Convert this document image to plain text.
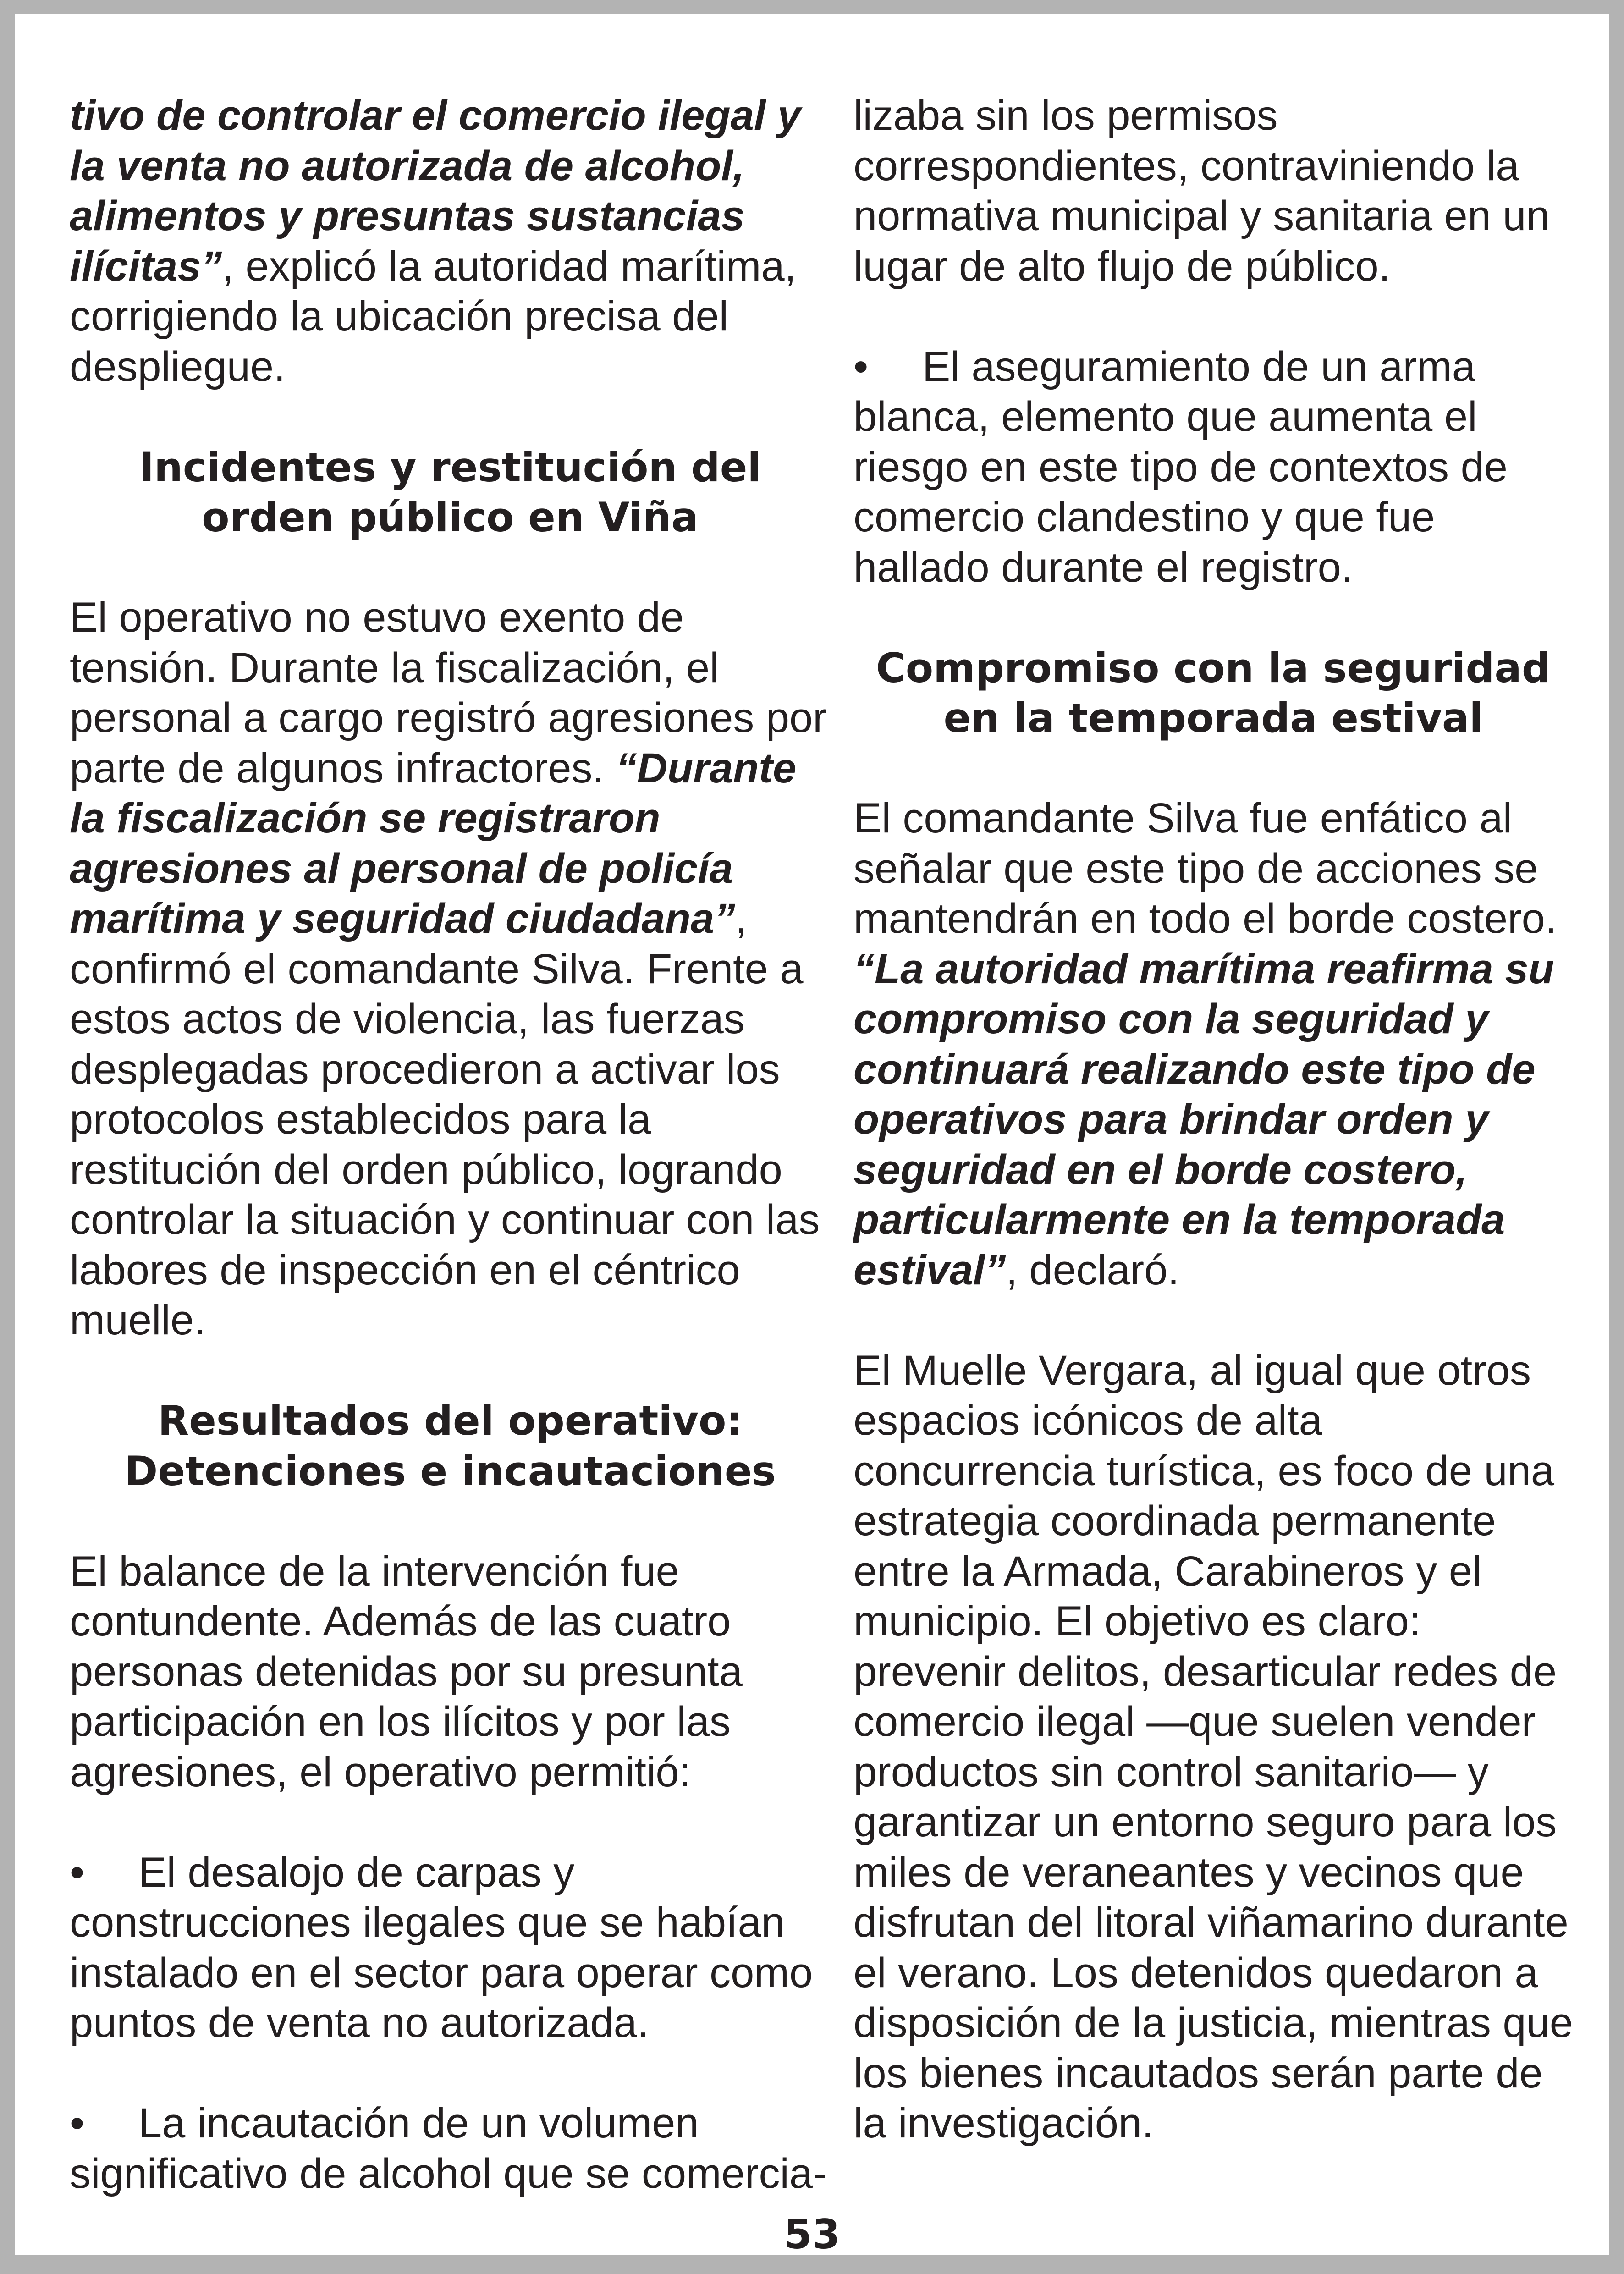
tivo de controlar el comercio ilegal y la venta no autorizada de alcohol, alimentos y presuntas sustancias ilícitas”, explicó la autoridad marítima, corrigiendo la ubicación precisa del despliegue.

Incidentes y restitución del
orden público en Viña

El operativo no estuvo exento de tensión. Durante la fiscalización, el personal a cargo registró agresiones por parte de algunos infractores. “Durante la fiscalización se registraron agresiones al personal de policía marítima y seguridad ciudadana”, confirmó el comandante Silva. Frente a estos actos de violencia, las fuerzas desplegadas procedieron a activar los protocolos establecidos para la restitución del orden público, logrando controlar la situación y continuar con las labores de inspección en el céntrico muelle.

Resultados del operativo:
Detenciones e incautaciones

El balance de la intervención fue contundente. Además de las cuatro personas detenidas por su presunta participación en los ilícitos y por las agresiones, el operativo permitió:

• El desalojo de carpas y construcciones ilegales que se habían instalado en el sector para operar como puntos de venta no autorizada.

• La incautación de un volumen significativo de alcohol que se comercia-

lizaba sin los permisos correspondientes, contraviniendo la normativa municipal y sanitaria en un lugar de alto flujo de público.

• El aseguramiento de un arma blanca, elemento que aumenta el riesgo en este tipo de contextos de comercio clandestino y que fue hallado durante el registro.

Compromiso con la seguridad
en la temporada estival

El comandante Silva fue enfático al señalar que este tipo de acciones se mantendrán en todo el borde costero. “La autoridad marítima reafirma su compromiso con la seguridad y continuará realizando este tipo de operativos para brindar orden y seguridad en el borde costero, particularmente en la temporada estival”, declaró.

El Muelle Vergara, al igual que otros espacios icónicos de alta concurrencia turística, es foco de una estrategia coordinada permanente entre la Armada, Carabineros y el municipio. El objetivo es claro: prevenir delitos, desarticular redes de comercio ilegal —que suelen vender productos sin control sanitario— y garantizar un entorno seguro para los miles de veraneantes y vecinos que disfrutan del litoral viñamarino durante el verano. Los detenidos quedaron a disposición de la justicia, mientras que los bienes incautados serán parte de la investigación.

53
